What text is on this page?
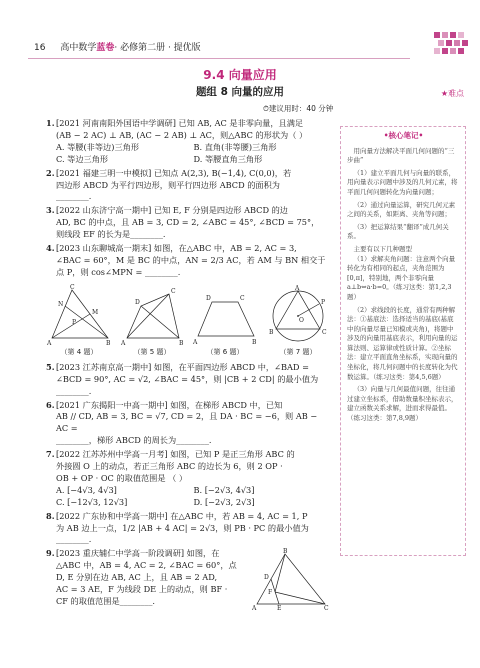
16 高中数学蓝卷· 必修第二册 · 提优版
9.4 向量应用
题组 8 向量的应用	★难点
⏱建议用时：40 分钟
1. [2021 河南南阳外国语中学调研] 已知 AB, AC 是非零向量，且满足
(AB − 2 AC) ⊥ AB, (AC − 2 AB) ⊥ AC，则△ABC 的形状为（ ）
A. 等腰(非等边)三角形	B. 直角(非等腰)三角形
C. 等边三角形	D. 等腰直角三角形
2. [2021 福建三明一中模拟] 已知点 A(2,3), B(−1,4), C(0,0)，若
四边形 ABCD 为平行四边形，则平行四边形 ABCD 的面积为
________.
3. [2022 山东济宁高一期中] 已知 E, F 分别是四边形 ABCD 的边
AD, BC 的中点，且 AB = 3, CD = 2, ∠ABC = 45°, ∠BCD = 75°，
则线段 EF 的长为是________.
4. [2023 山东聊城高一期末] 如图，在△ABC 中，AB = 2, AC = 3,
∠BAC = 60°，M 是 BC 的中点，AN = 2/3 AC，若 AM 与 BN 相交于
点 P，则 cos∠MPN = ________.
C
N
P
A
M
B
（第 4 题）
D
A
C
B
（第 5 题）
D	C
A	B
（第 6 题）
A
O
B	C
P
（第 7 题）
5. [2023 江苏南京高一期中] 如图，在平面四边形 ABCD 中，∠BAD =
∠BCD = 90°, AC = √2, ∠BAC = 45°，则 |CB + 2 CD| 的最小值为
________.
6. [2021 广东揭阳一中高一期中] 如图，在梯形 ABCD 中，已知
AB // CD, AB = 3, BC = √7, CD = 2，且 DA · BC = −6，则 AB − AC =
________，梯形 ABCD 的周长为________.
7. [2022 江苏苏州中学高一月考] 如图，已知 P 是正三角形 ABC 的
外接圆 O 上的动点，若正三角形 ABC 的边长为 6，则 2 OP ·
OB + OP · OC 的取值范围是 （ ）
A. [−4√3, 4√3]	B. [−2√3, 4√3]
C. [−12√3, 12√3]	D. [−2√3, 2√3]
8. [2022 广东协和中学高一期中] 在△ABC 中，若 AB = 4, AC = 1, P
为 AB 边上一点，1/2 |AB + 4 AC| = 2√3，则 PB · PC 的最小值为
________.
9. [2023 重庆辅仁中学高一阶段调研] 如图，在
△ABC 中，AB = 4, AC = 2, ∠BAC = 60°，点
D, E 分别在边 AB, AC 上，且 AB = 2 AD,
AC = 3 AE，F 为线段 DE 上的动点，则 BF ·
CF 的取值范围是________.
B
D
F
A	E	C
•核心笔记•

用向量方法解决平面几何问题的“三步曲”

（1）建立平面几何与向量的联系，用向量表示问题中涉及的几何元素，将平面几何问题转化为向量问题；

（2）通过向量运算，研究几何元素之间的关系，如距离、夹角等问题；

（3）把运算结果“翻译”成几何关系。

主要有以下几种题型

（1）求解夹角问题：注意两个向量转化为有相同的起点，夹角范围为[0,π]，特别地，两个非零向量 a⊥b⇔a·b=0。（练习这类：第1,2,3题）

（2）求线段的长度，通常有两种解法：①基底法：选择适当的基底(基底中的向量尽量已知模或夹角)，将题中涉及的向量用基底表示，利用向量的运算法则、运算律或性质计算。②坐标法：建立平面直角坐标系，实现向量的坐标化，将几何问题中的长度转化为代数运算。（练习这类：第4,5,6题）

（3）向量与几何最值问题，往往通过建立坐标系，借助数量积坐标表示，建立函数关系求解，进而求得最值。（练习这类：第7,8,9题）
